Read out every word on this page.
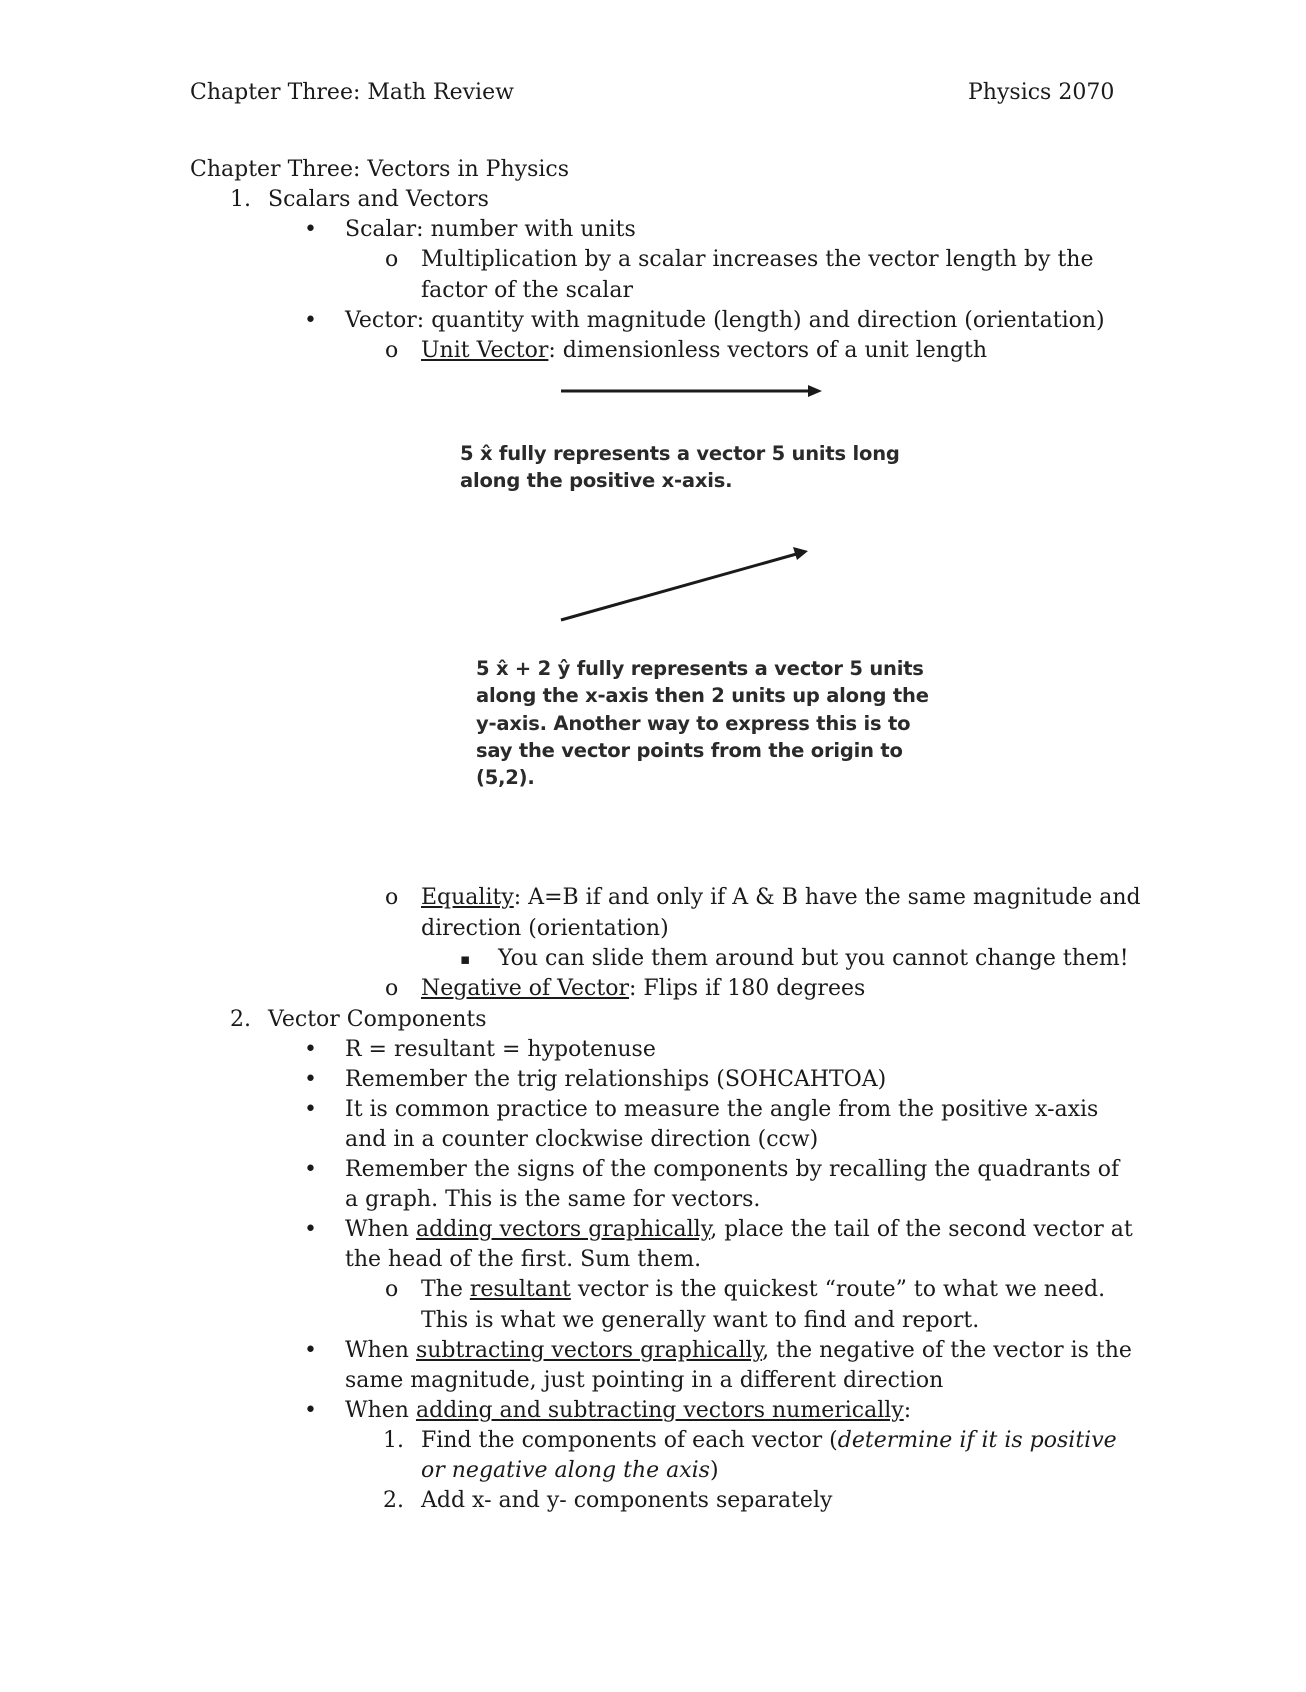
Chapter Three: Math Review	Physics 2070
Chapter Three: Vectors in Physics
1. Scalars and Vectors
• Scalar: number with units
o Multiplication by a scalar increases the vector length by the
factor of the scalar
• Vector: quantity with magnitude (length) and direction (orientation)
o Unit Vector: dimensionless vectors of a unit length
5 x̂ fully represents a vector 5 units long
along the positive x-axis.
5 x̂ + 2 ŷ fully represents a vector 5 units
along the x-axis then 2 units up along the
y-axis. Another way to express this is to
say the vector points from the origin to
(5,2).
o Equality: A=B if and only if A & B have the same magnitude and
direction (orientation)
▪ You can slide them around but you cannot change them!
o Negative of Vector: Flips if 180 degrees
2. Vector Components
• R = resultant = hypotenuse
• Remember the trig relationships (SOHCAHTOA)
• It is common practice to measure the angle from the positive x-axis
and in a counter clockwise direction (ccw)
• Remember the signs of the components by recalling the quadrants of
a graph. This is the same for vectors.
• When adding vectors graphically, place the tail of the second vector at
the head of the first. Sum them.
o The resultant vector is the quickest “route” to what we need.
This is what we generally want to find and report.
• When subtracting vectors graphically, the negative of the vector is the
same magnitude, just pointing in a different direction
• When adding and subtracting vectors numerically:
1. Find the components of each vector (determine if it is positive
or negative along the axis)
2. Add x- and y- components separately
